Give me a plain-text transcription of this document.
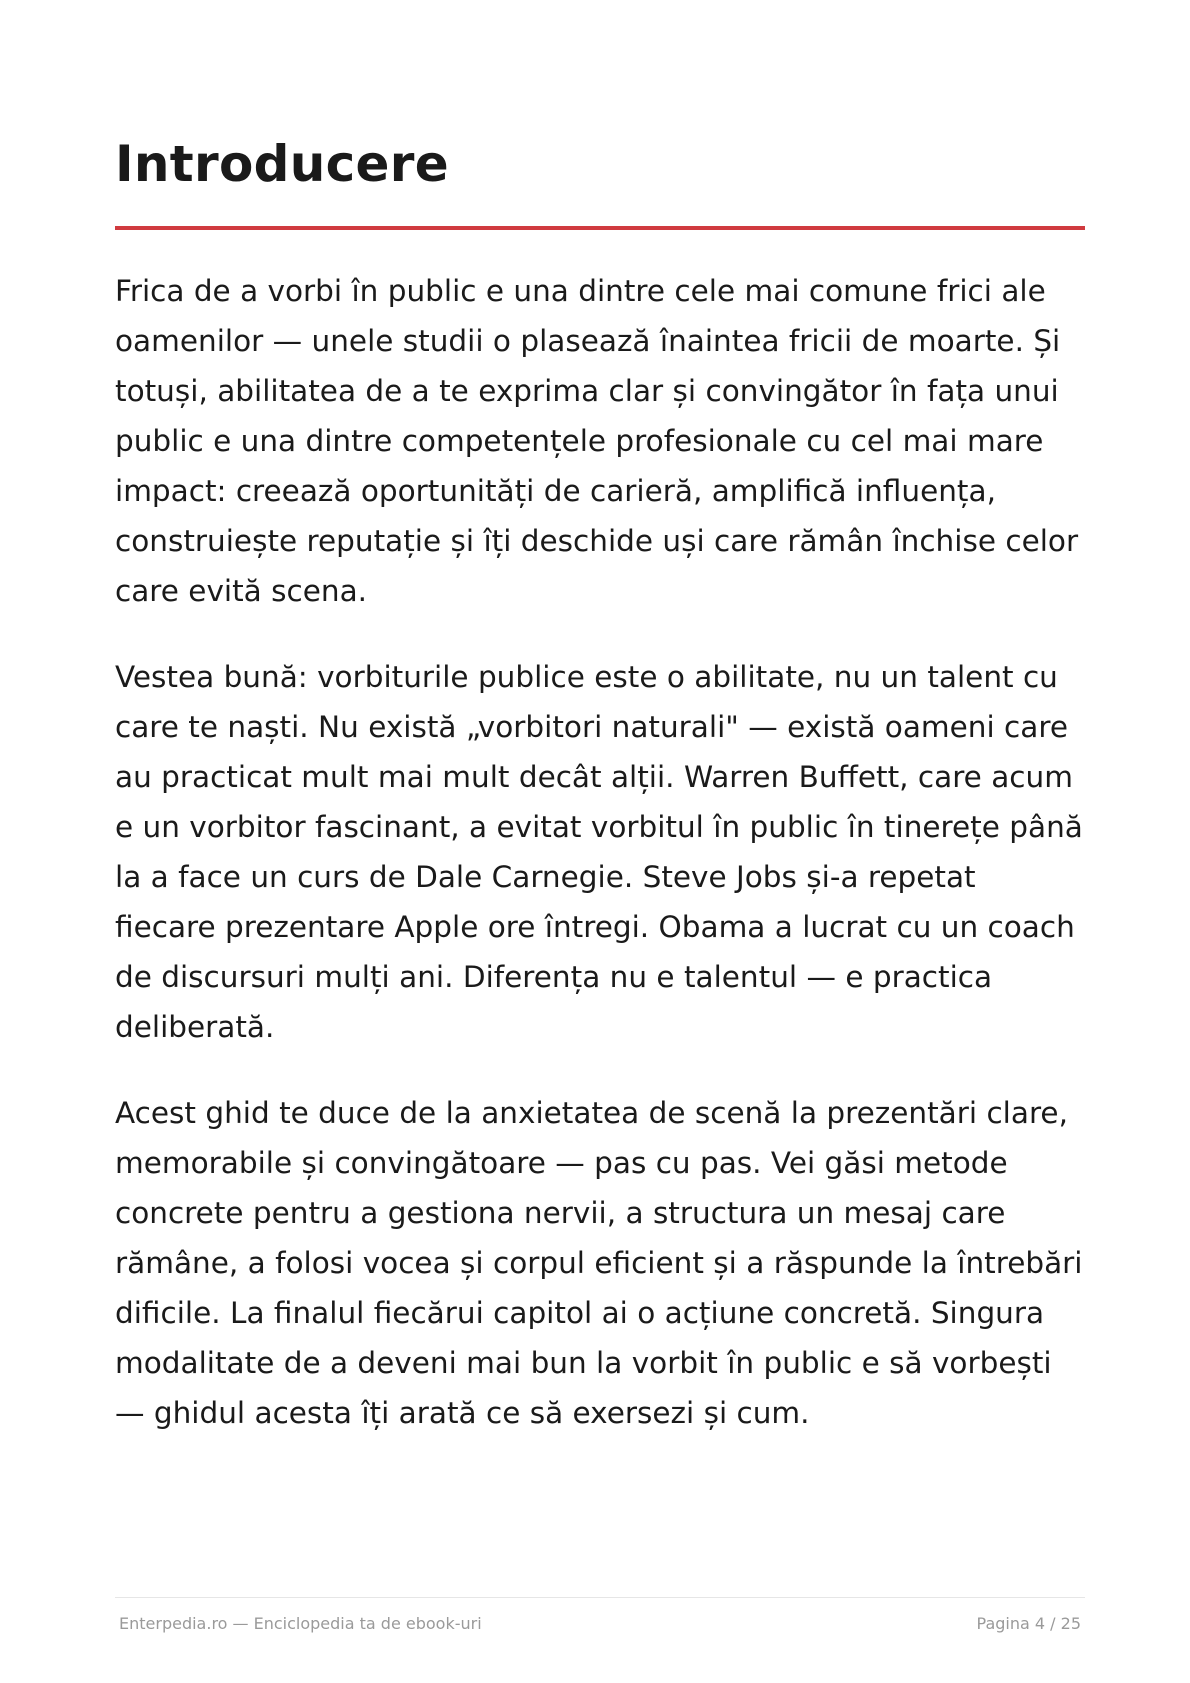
Introducere

Frica de a vorbi în public e una dintre cele mai comune frici ale oamenilor — unele studii o plasează înaintea fricii de moarte. Și totuși, abilitatea de a te exprima clar și convingător în fața unui public e una dintre competențele profesionale cu cel mai mare impact: creează oportunități de carieră, amplifică influența, construiește reputație și îți deschide uși care rămân închise celor care evită scena.

Vestea bună: vorbiturile publice este o abilitate, nu un talent cu care te naști. Nu există „vorbitori naturali" — există oameni care au practicat mult mai mult decât alții. Warren Buffett, care acum e un vorbitor fascinant, a evitat vorbitul în public în tinerețe până la a face un curs de Dale Carnegie. Steve Jobs și-a repetat fiecare prezentare Apple ore întregi. Obama a lucrat cu un coach de discursuri mulți ani. Diferența nu e talentul — e practica deliberată.

Acest ghid te duce de la anxietatea de scenă la prezentări clare, memorabile și convingătoare — pas cu pas. Vei găsi metode concrete pentru a gestiona nervii, a structura un mesaj care rămâne, a folosi vocea și corpul eficient și a răspunde la întrebări dificile. La finalul fiecărui capitol ai o acțiune concretă. Singura modalitate de a deveni mai bun la vorbit în public e să vorbești — ghidul acesta îți arată ce să exersezi și cum.

Enterpedia.ro — Enciclopedia ta de ebook-uri	Pagina 4 / 25
